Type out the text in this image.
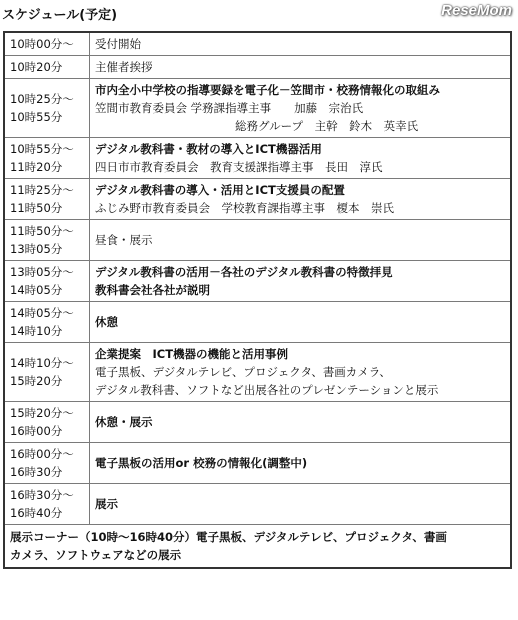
スケジュール(予定)	ReseMom
10時00分～	受付開始

10時20分	主催者挨拶

10時25分～
10時55分	市内全小中学校の指導要録を電子化－笠間市・校務情報化の取組み
笠間市教育委員会 学務課指導主事　　加藤　宗治氏
総務グループ　主幹　鈴木　英幸氏

10時55分～
11時20分	デジタル教科書・教材の導入とICT機器活用
四日市市教育委員会　教育支援課指導主事　長田　淳氏

11時25分～
11時50分	デジタル教科書の導入・活用とICT支援員の配置
ふじみ野市教育委員会　学校教育課指導主事　榎本　崇氏

11時50分～
13時05分	昼食・展示

13時05分～
14時05分	デジタル教科書の活用－各社のデジタル教科書の特徴拝見
教科書会社各社が説明

14時05分～
14時10分	休憩

14時10分～
15時20分	企業提案　ICT機器の機能と活用事例
電子黒板、デジタルテレビ、プロジェクタ、書画カメラ、
デジタル教科書、ソフトなど出展各社のプレゼンテーションと展示

15時20分～
16時00分	休憩・展示

16時00分～
16時30分	電子黒板の活用or 校務の情報化(調整中)

16時30分～
16時40分	展示

展示コーナー（10時～16時40分）電子黒板、デジタルテレビ、プロジェクタ、書画
カメラ、ソフトウェアなどの展示	
